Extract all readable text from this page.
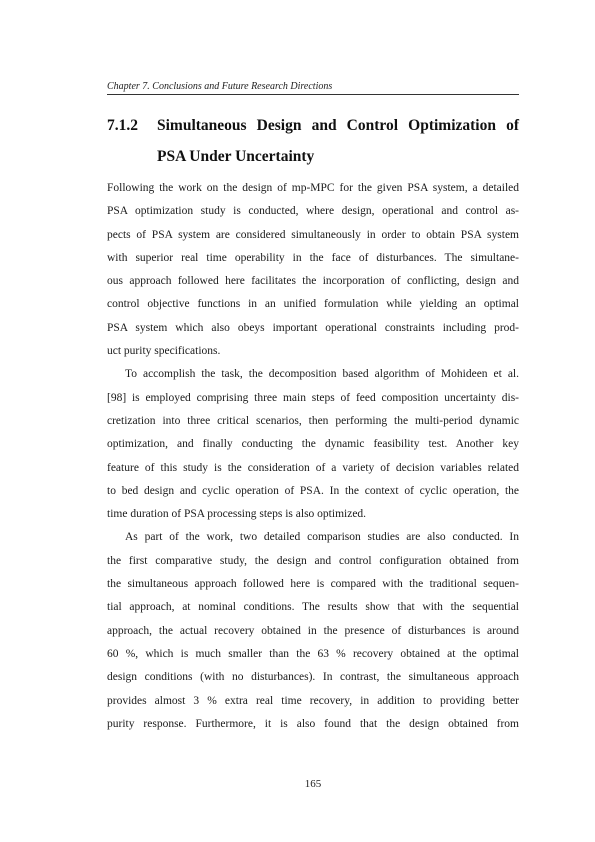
Chapter 7. Conclusions and Future Research Directions
7.1.2 Simultaneous Design and Control Optimization of
PSA Under Uncertainty
Following the work on the design of mp-MPC for the given PSA system, a detailed
PSA optimization study is conducted, where design, operational and control as-
pects of PSA system are considered simultaneously in order to obtain PSA system
with superior real time operability in the face of disturbances. The simultane-
ous approach followed here facilitates the incorporation of conflicting, design and
control objective functions in an unified formulation while yielding an optimal
PSA system which also obeys important operational constraints including prod-
uct purity specifications.
To accomplish the task, the decomposition based algorithm of Mohideen et al.
[98] is employed comprising three main steps of feed composition uncertainty dis-
cretization into three critical scenarios, then performing the multi-period dynamic
optimization, and finally conducting the dynamic feasibility test. Another key
feature of this study is the consideration of a variety of decision variables related
to bed design and cyclic operation of PSA. In the context of cyclic operation, the
time duration of PSA processing steps is also optimized.
As part of the work, two detailed comparison studies are also conducted. In
the first comparative study, the design and control configuration obtained from
the simultaneous approach followed here is compared with the traditional sequen-
tial approach, at nominal conditions. The results show that with the sequential
approach, the actual recovery obtained in the presence of disturbances is around
60 %, which is much smaller than the 63 % recovery obtained at the optimal
design conditions (with no disturbances). In contrast, the simultaneous approach
provides almost 3 % extra real time recovery, in addition to providing better
purity response. Furthermore, it is also found that the design obtained from
165
